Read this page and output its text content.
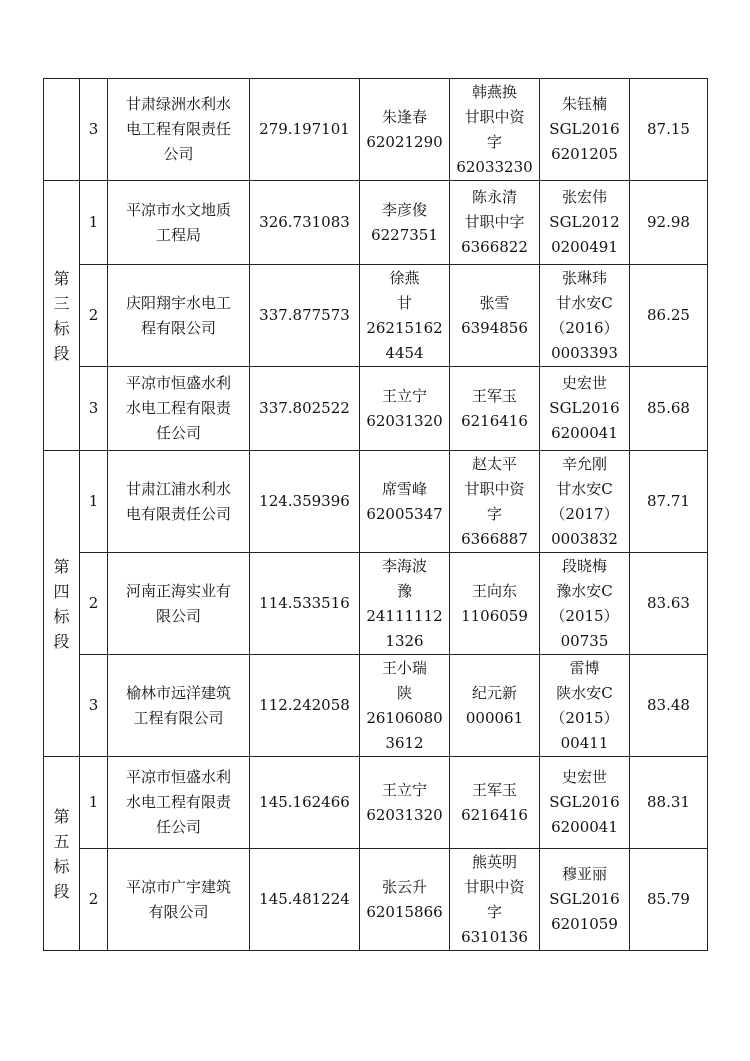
	3	甘肃绿洲水利水
电工程有限责任
公司	279.197101	朱逢春
62021290	韩燕换
甘职中资
字
62033230	朱钰楠
SGL2016
6201205	87.15

第
三
标
段	1	平凉市水文地质
工程局	326.731083	李彦俊
6227351	陈永清
甘职中字
6366822	张宏伟
SGL2012
0200491	92.98
	2	庆阳翔宇水电工
程有限公司	337.877573	徐燕
甘
26215162
4454	张雪
6394856	张琳玮
甘水安C
（2016）
0003393	86.25
	3	平凉市恒盛水利
水电工程有限责
任公司	337.802522	王立宁
62031320	王军玉
6216416	史宏世
SGL2016
6200041	85.68

第
四
标
段	1	甘肃江浦水利水
电有限责任公司	124.359396	席雪峰
62005347	赵太平
甘职中资
字
6366887	辛允刚
甘水安C
（2017）
0003832	87.71
	2	河南正海实业有
限公司	114.533516	李海波
豫
24111112
1326	王向东
1106059	段晓梅
豫水安C
（2015）
00735	83.63
	3	榆林市远洋建筑
工程有限公司	112.242058	王小瑞
陕
26106080
3612	纪元新
000061	雷博
陕水安C
（2015）
00411	83.48

第
五
标
段	1	平凉市恒盛水利
水电工程有限责
任公司	145.162466	王立宁
62031320	王军玉
6216416	史宏世
SGL2016
6200041	88.31
	2	平凉市广宇建筑
有限公司	145.481224	张云升
62015866	熊英明
甘职中资
字
6310136	穆亚丽
SGL2016
6201059	85.79
